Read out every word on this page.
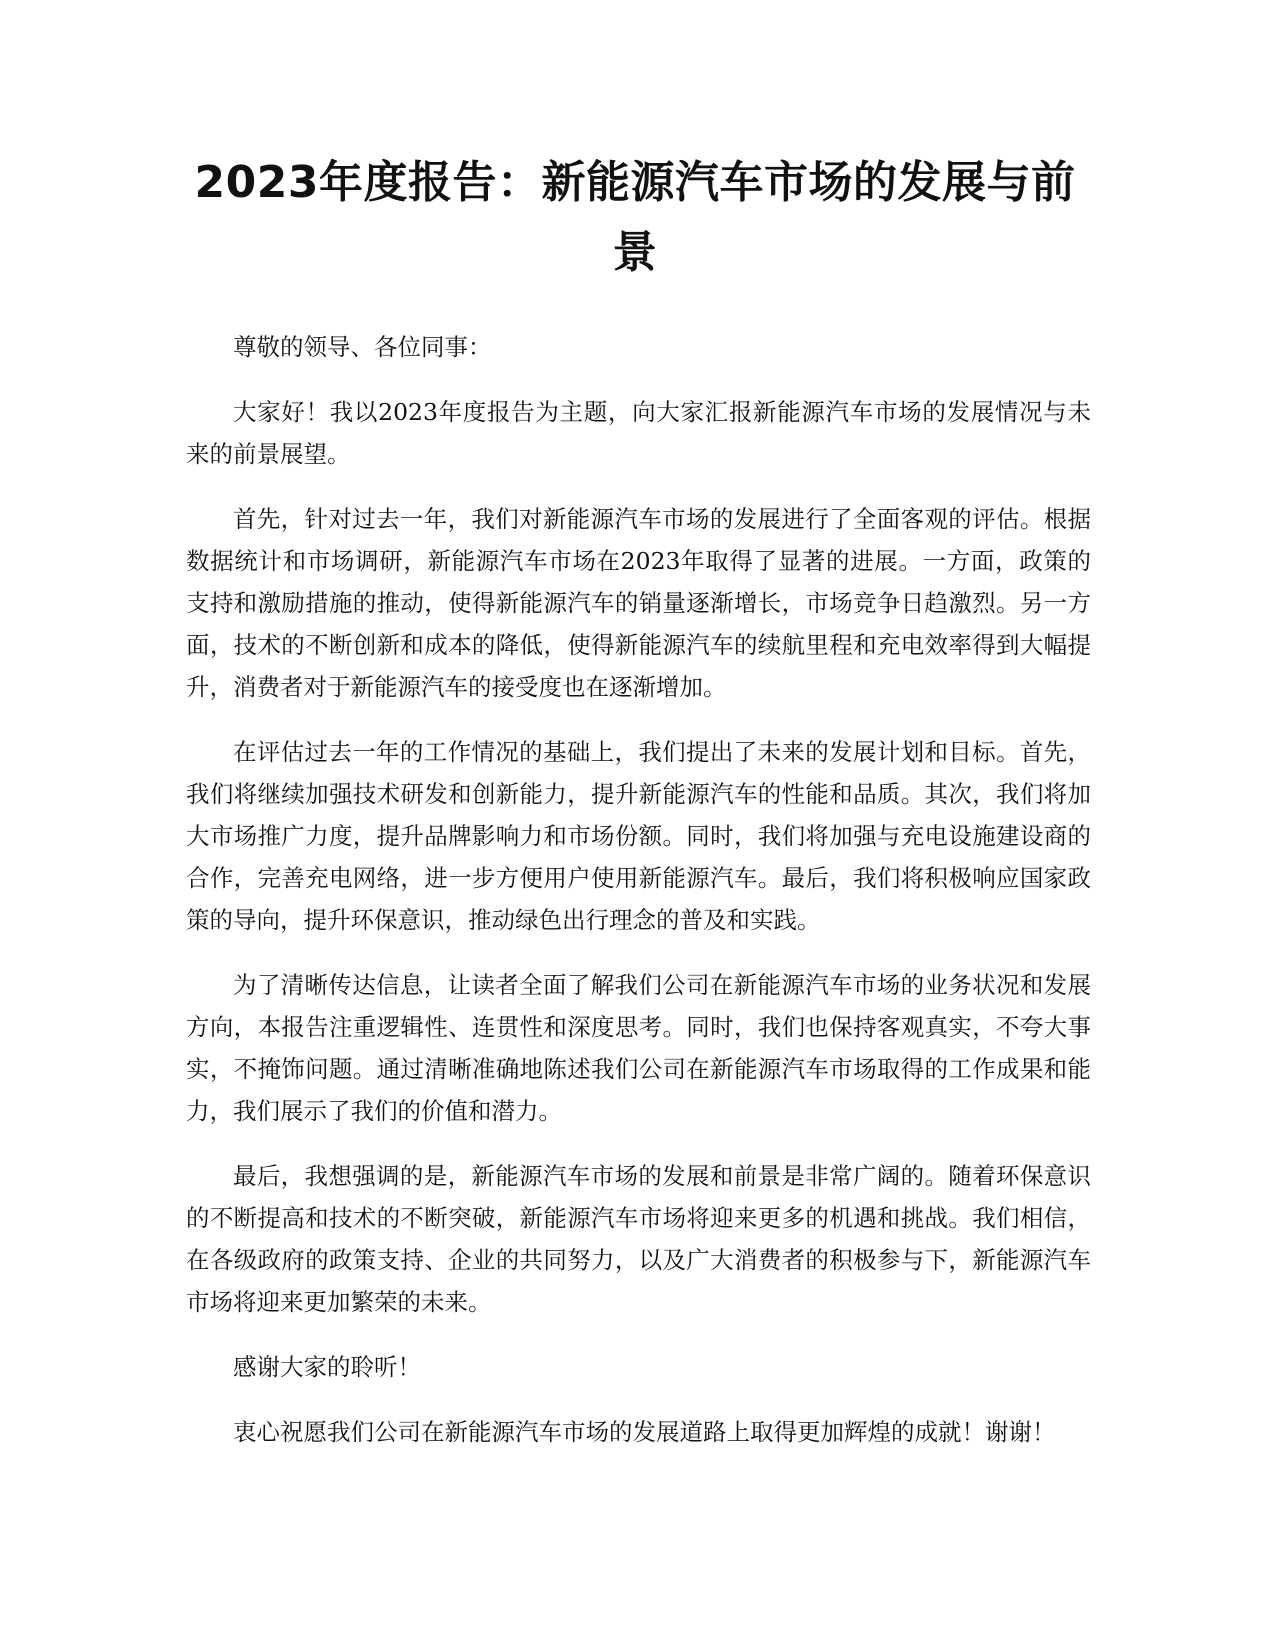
2023年度报告：新能源汽车市场的发展与前景

尊敬的领导、各位同事：

大家好！我以2023年度报告为主题，向大家汇报新能源汽车市场的发展情况与未来的前景展望。

首先，针对过去一年，我们对新能源汽车市场的发展进行了全面客观的评估。根据数据统计和市场调研，新能源汽车市场在2023年取得了显著的进展。一方面，政策的支持和激励措施的推动，使得新能源汽车的销量逐渐增长，市场竞争日趋激烈。另一方面，技术的不断创新和成本的降低，使得新能源汽车的续航里程和充电效率得到大幅提升，消费者对于新能源汽车的接受度也在逐渐增加。

在评估过去一年的工作情况的基础上，我们提出了未来的发展计划和目标。首先，我们将继续加强技术研发和创新能力，提升新能源汽车的性能和品质。其次，我们将加大市场推广力度，提升品牌影响力和市场份额。同时，我们将加强与充电设施建设商的合作，完善充电网络，进一步方便用户使用新能源汽车。最后，我们将积极响应国家政策的导向，提升环保意识，推动绿色出行理念的普及和实践。

为了清晰传达信息，让读者全面了解我们公司在新能源汽车市场的业务状况和发展方向，本报告注重逻辑性、连贯性和深度思考。同时，我们也保持客观真实，不夸大事实，不掩饰问题。通过清晰准确地陈述我们公司在新能源汽车市场取得的工作成果和能力，我们展示了我们的价值和潜力。

最后，我想强调的是，新能源汽车市场的发展和前景是非常广阔的。随着环保意识的不断提高和技术的不断突破，新能源汽车市场将迎来更多的机遇和挑战。我们相信，在各级政府的政策支持、企业的共同努力，以及广大消费者的积极参与下，新能源汽车市场将迎来更加繁荣的未来。

感谢大家的聆听！

衷心祝愿我们公司在新能源汽车市场的发展道路上取得更加辉煌的成就！谢谢！
